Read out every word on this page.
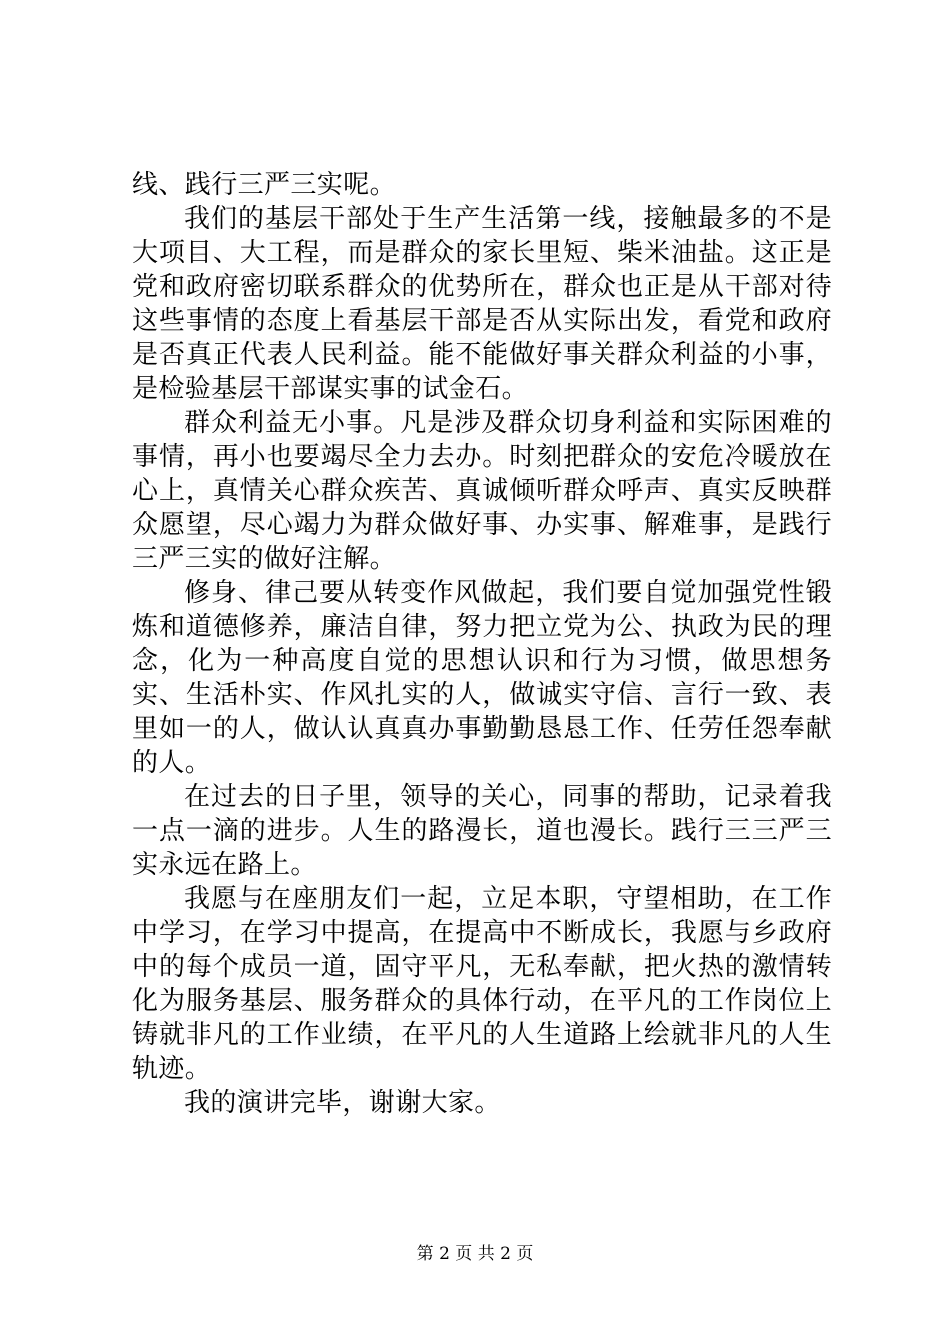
线、践行三严三实呢。

我们的基层干部处于生产生活第一线，接触最多的不是大项目、大工程，而是群众的家长里短、柴米油盐。这正是党和政府密切联系群众的优势所在，群众也正是从干部对待这些事情的态度上看基层干部是否从实际出发，看党和政府是否真正代表人民利益。能不能做好事关群众利益的小事，是检验基层干部谋实事的试金石。

群众利益无小事。凡是涉及群众切身利益和实际困难的事情，再小也要竭尽全力去办。时刻把群众的安危冷暖放在心上，真情关心群众疾苦、真诚倾听群众呼声、真实反映群众愿望，尽心竭力为群众做好事、办实事、解难事，是践行三严三实的做好注解。

修身、律己要从转变作风做起，我们要自觉加强党性锻炼和道德修养，廉洁自律，努力把立党为公、执政为民的理念，化为一种高度自觉的思想认识和行为习惯，做思想务实、生活朴实、作风扎实的人，做诚实守信、言行一致、表里如一的人，做认认真真办事勤勤恳恳工作、任劳任怨奉献的人。

在过去的日子里，领导的关心，同事的帮助，记录着我一点一滴的进步。人生的路漫长，道也漫长。践行三三严三实永远在路上。

我愿与在座朋友们一起，立足本职，守望相助，在工作中学习，在学习中提高，在提高中不断成长，我愿与乡政府中的每个成员一道，固守平凡，无私奉献，把火热的激情转化为服务基层、服务群众的具体行动，在平凡的工作岗位上铸就非凡的工作业绩，在平凡的人生道路上绘就非凡的人生轨迹。

我的演讲完毕，谢谢大家。

第 2 页 共 2 页
